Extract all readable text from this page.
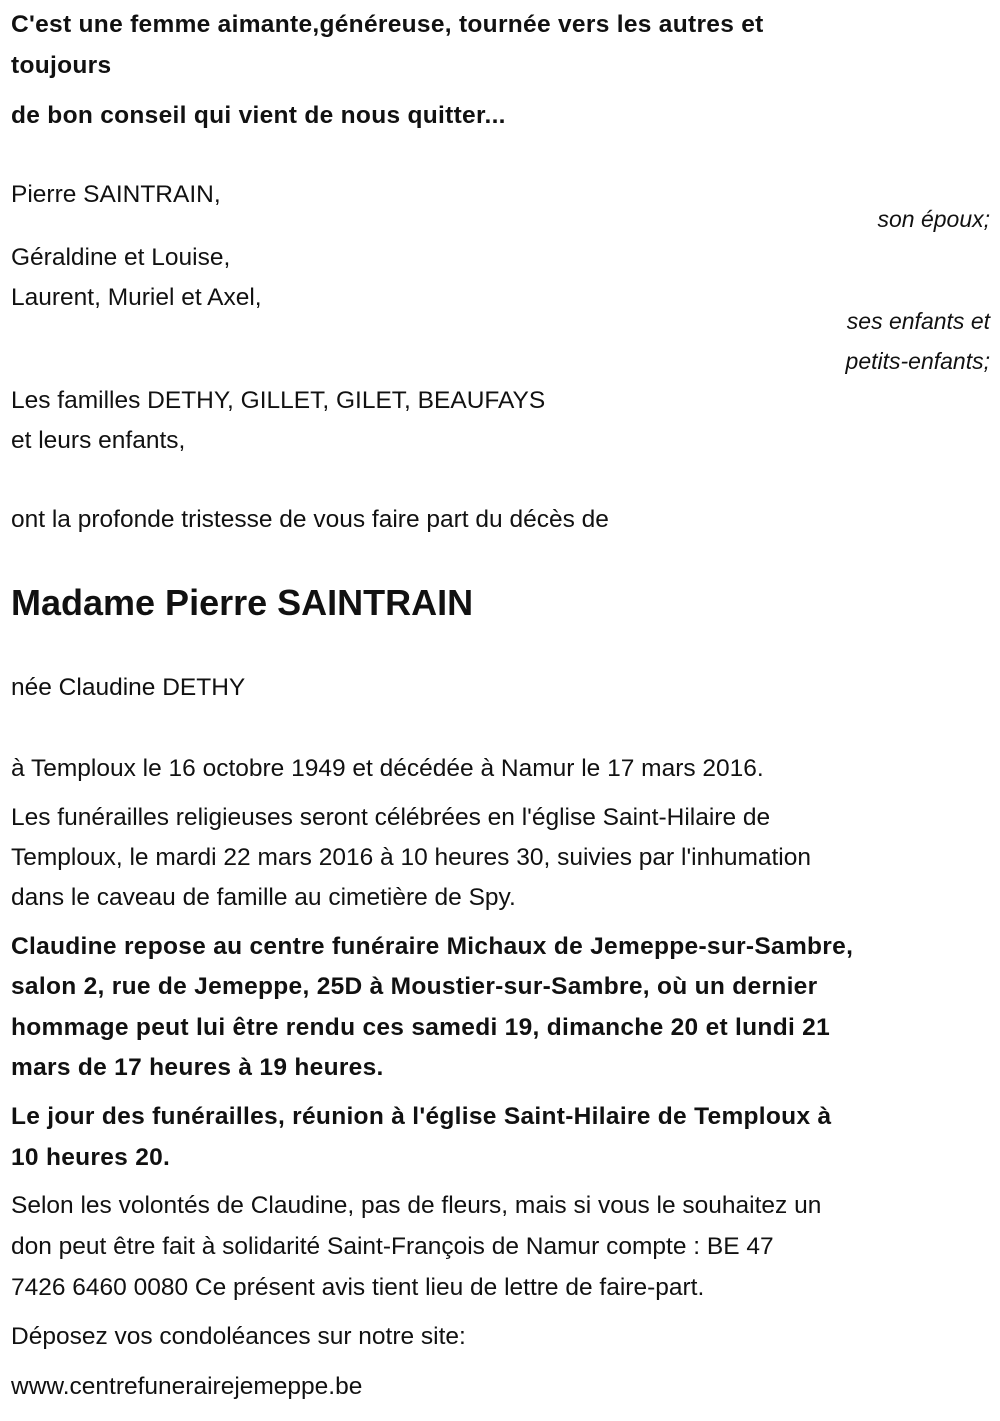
C'est une femme aimante,généreuse, tournée vers les autres et
toujours
de bon conseil qui vient de nous quitter...
Pierre SAINTRAIN,
son époux;
Géraldine et Louise,
Laurent, Muriel et Axel,
ses enfants et
petits-enfants;
Les familles DETHY, GILLET, GILET, BEAUFAYS
et leurs enfants,
ont la profonde tristesse de vous faire part du décès de
Madame Pierre SAINTRAIN
née Claudine DETHY
à Temploux le 16 octobre 1949 et décédée à Namur le 17 mars 2016.
Les funérailles religieuses seront célébrées en l'église Saint-Hilaire de
Temploux, le mardi 22 mars 2016 à 10 heures 30, suivies par l'inhumation
dans le caveau de famille au cimetière de Spy.
Claudine repose au centre funéraire Michaux de Jemeppe-sur-Sambre,
salon 2, rue de Jemeppe, 25D à Moustier-sur-Sambre, où un dernier
hommage peut lui être rendu ces samedi 19, dimanche 20 et lundi 21
mars de 17 heures à 19 heures.
Le jour des funérailles, réunion à l'église Saint-Hilaire de Temploux à
10 heures 20.
Selon les volontés de Claudine, pas de fleurs, mais si vous le souhaitez un
don peut être fait à solidarité Saint-François de Namur compte : BE 47
7426 6460 0080 Ce présent avis tient lieu de lettre de faire-part.
Déposez vos condoléances sur notre site:
www.centrefunerairejemeppe.be
